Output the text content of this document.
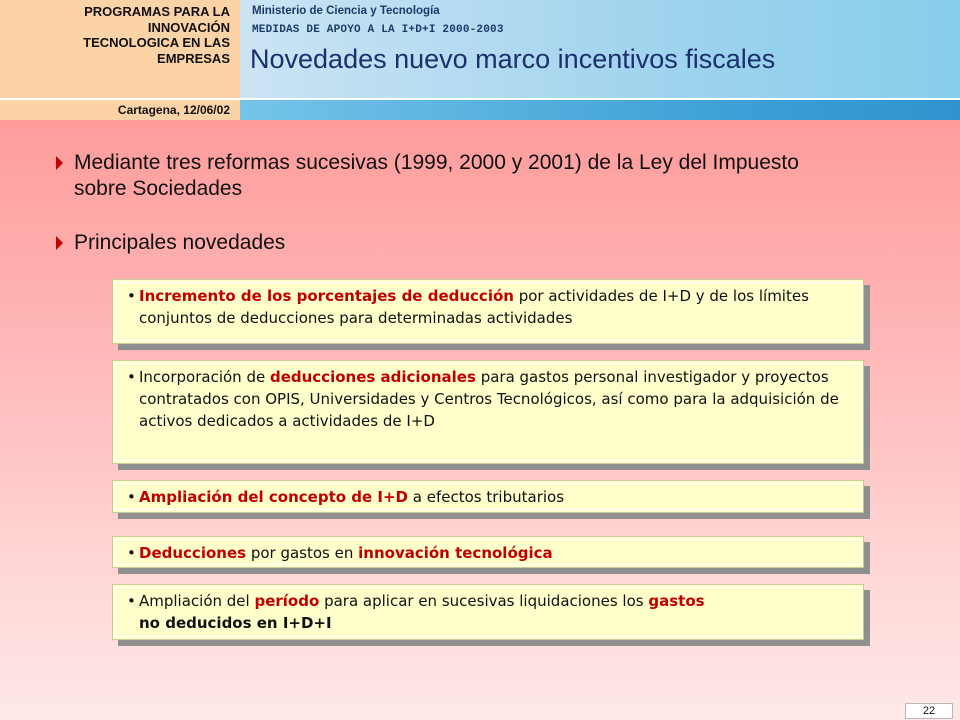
PROGRAMAS PARA LA
INNOVACIÓN
TECNOLOGICA EN LAS
EMPRESAS
Cartagena, 12/06/02
Ministerio de Ciencia y Tecnología
MEDIDAS DE APOYO A LA I+D+I 2000-2003
Novedades nuevo marco incentivos fiscales
Mediante tres reformas sucesivas (1999, 2000 y 2001) de la Ley del Impuesto sobre Sociedades
Principales novedades
• Incremento de los porcentajes de deducción por actividades de I+D y de los límites conjuntos de deducciones para determinadas actividades
• Incorporación de deducciones adicionales para gastos personal investigador y proyectos contratados con OPIS, Universidades y Centros Tecnológicos, así como para la adquisición de activos dedicados a actividades de I+D
• Ampliación del concepto de I+D a efectos tributarios
• Deducciones por gastos en innovación tecnológica
• Ampliación del período para aplicar en sucesivas liquidaciones los gastos
no deducidos en I+D+I
22
